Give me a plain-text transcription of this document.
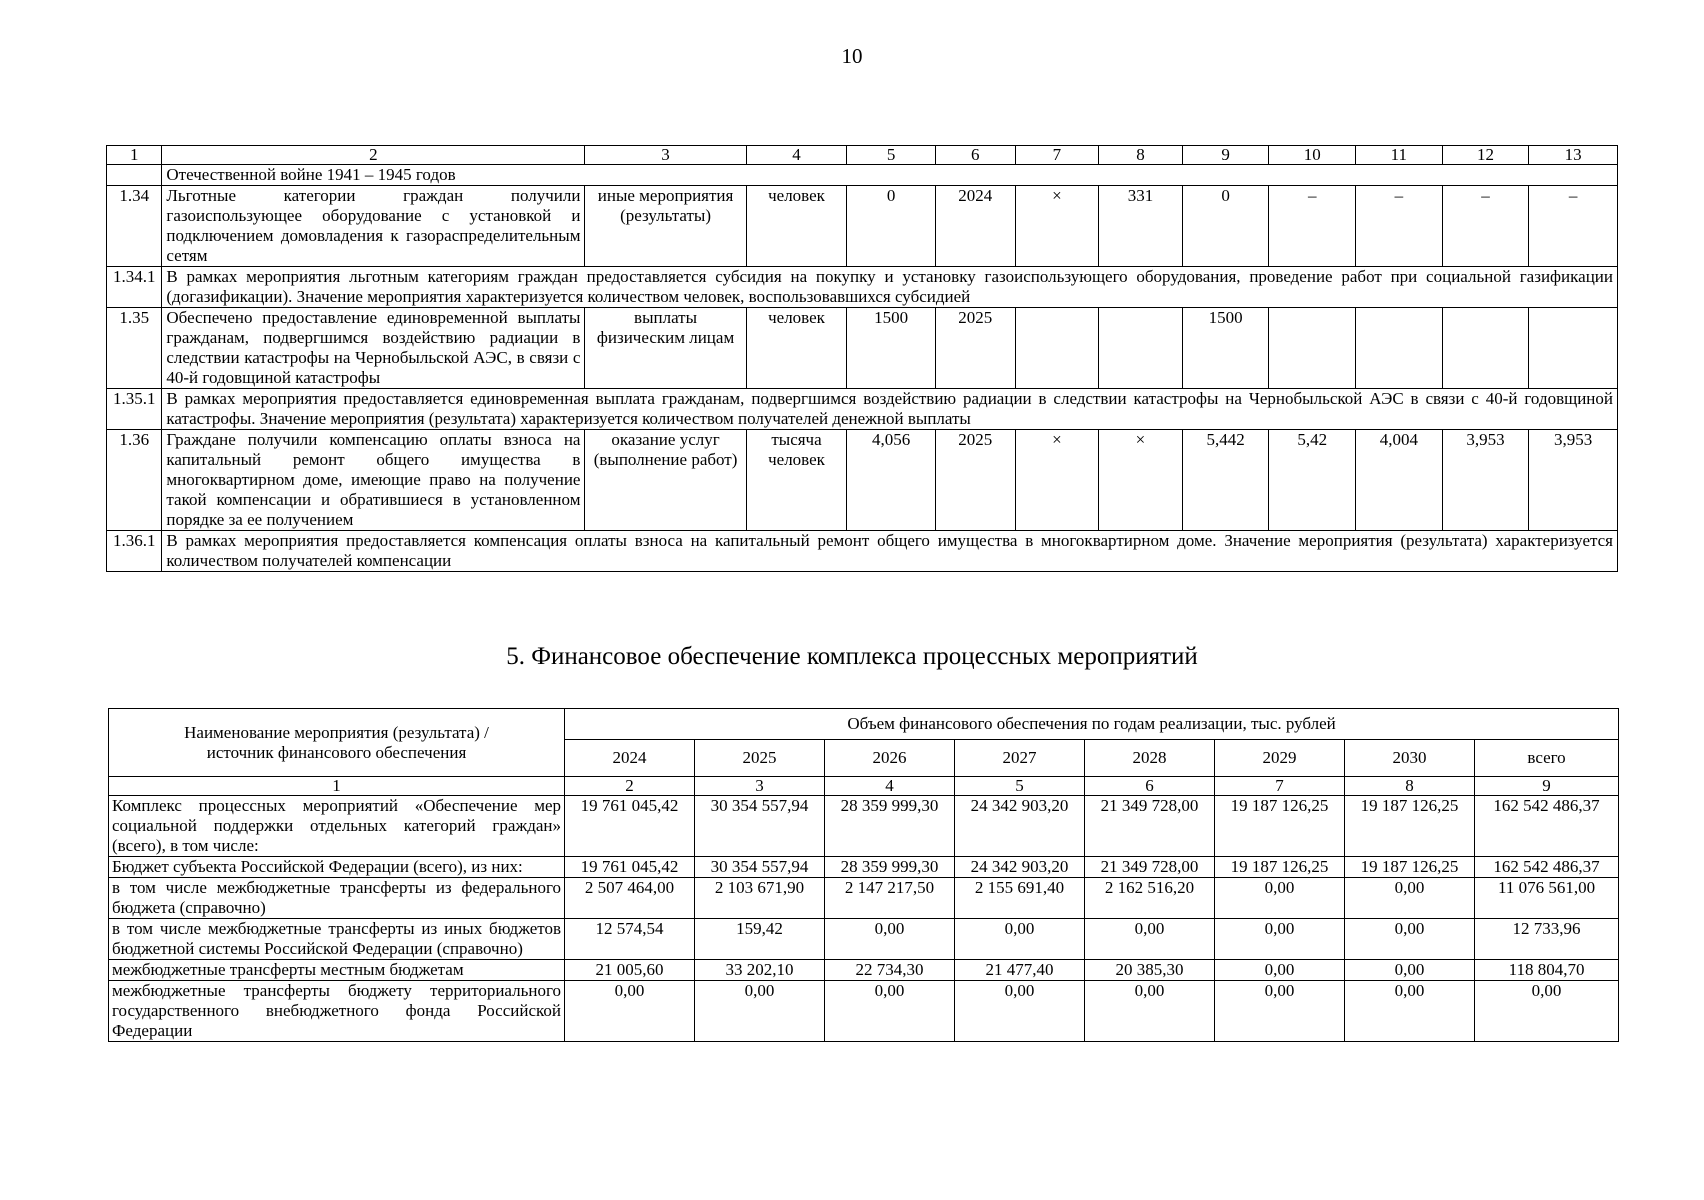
10
1	2	3	4	5	6	7	8	9	10	11	12	13
	Отечественной войне 1941 – 1945 годов											
1.34	Льготные категории граждан получили газоиспользующее оборудование с установкой и подключением домовладения к газораспределительным сетям	иные мероприятия (результаты)	человек	0	2024	×	331	0	–	–	–	–
1.34.1	В рамках мероприятия льготным категориям граждан предоставляется субсидия на покупку и установку газоиспользующего оборудования, проведение работ при социальной газификации (догазификации). Значение мероприятия характеризуется количеством человек, воспользовавшихся субсидией											
1.35	Обеспечено предоставление единовременной выплаты гражданам, подвергшимся воздействию радиации в следствии катастрофы на Чернобыльской АЭС, в связи с 40-й годовщиной катастрофы	выплаты физическим лицам	человек	1500	2025			1500				
1.35.1	В рамках мероприятия предоставляется единовременная выплата гражданам, подвергшимся воздействию радиации в следствии катастрофы на Чернобыльской АЭС в связи с 40-й годовщиной катастрофы. Значение мероприятия (результата) характеризуется количеством получателей денежной выплаты											
1.36	Граждане получили компенсацию оплаты взноса на капитальный ремонт общего имущества в многоквартирном доме, имеющие право на получение такой компенсации и обратившиеся в установленном порядке за ее получением	оказание услуг (выполнение работ)	тысяча человек	4,056	2025	×	×	5,442	5,42	4,004	3,953	3,953
1.36.1	В рамках мероприятия предоставляется компенсация оплаты взноса на капитальный ремонт общего имущества в многоквартирном доме. Значение мероприятия (результата) характеризуется количеством получателей компенсации											
5. Финансовое обеспечение комплекса процессных мероприятий
Наименование мероприятия (результата) / источник финансового обеспечения	Объем финансового обеспечения по годам реализации, тыс. рублей							
	2024	2025	2026	2027	2028	2029	2030	всего
1	2	3	4	5	6	7	8	9
Комплекс процессных мероприятий «Обеспечение мер социальной поддержки отдельных категорий граждан» (всего), в том числе:	19 761 045,42	30 354 557,94	28 359 999,30	24 342 903,20	21 349 728,00	19 187 126,25	19 187 126,25	162 542 486,37
Бюджет субъекта Российской Федерации (всего), из них:	19 761 045,42	30 354 557,94	28 359 999,30	24 342 903,20	21 349 728,00	19 187 126,25	19 187 126,25	162 542 486,37
в том числе межбюджетные трансферты из федерального бюджета (справочно)	2 507 464,00	2 103 671,90	2 147 217,50	2 155 691,40	2 162 516,20	0,00	0,00	11 076 561,00
в том числе межбюджетные трансферты из иных бюджетов бюджетной системы Российской Федерации (справочно)	12 574,54	159,42	0,00	0,00	0,00	0,00	0,00	12 733,96
межбюджетные трансферты местным бюджетам	21 005,60	33 202,10	22 734,30	21 477,40	20 385,30	0,00	0,00	118 804,70
межбюджетные трансферты бюджету территориального государственного внебюджетного фонда Российской Федерации	0,00	0,00	0,00	0,00	0,00	0,00	0,00	0,00
